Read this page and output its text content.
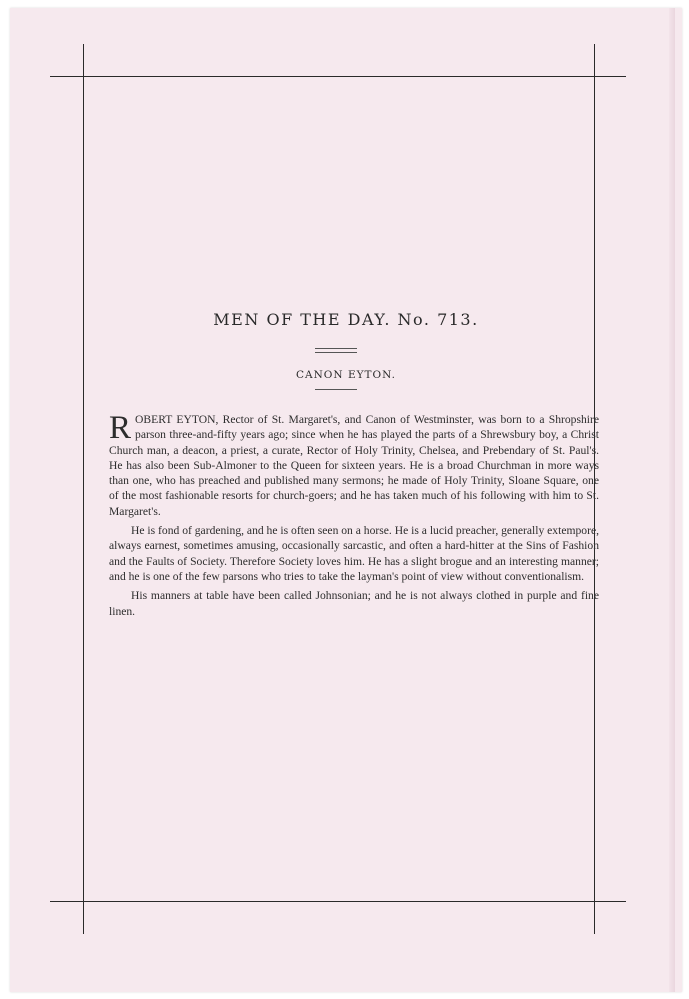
MEN OF THE DAY. No. 713.
CANON EYTON.

ROBERT EYTON, Rector of St. Margaret's, and Canon of Westminster, was born to a Shropshire parson three-and-fifty years ago; since when he has played the parts of a Shrewsbury boy, a Christ Church man, a deacon, a priest, a curate, Rector of Holy Trinity, Chelsea, and Prebendary of St. Paul's. He has also been Sub-Almoner to the Queen for sixteen years. He is a broad Churchman in more ways than one, who has preached and published many sermons; he made of Holy Trinity, Sloane Square, one of the most fashionable resorts for church-goers; and he has taken much of his following with him to St. Margaret's.

He is fond of gardening, and he is often seen on a horse. He is a lucid preacher, generally extempore, always earnest, sometimes amusing, occasionally sarcastic, and often a hard-hitter at the Sins of Fashion and the Faults of Society. Therefore Society loves him. He has a slight brogue and an interesting manner; and he is one of the few parsons who tries to take the layman's point of view without conventionalism.

His manners at table have been called Johnsonian; and he is not always clothed in purple and fine linen.
